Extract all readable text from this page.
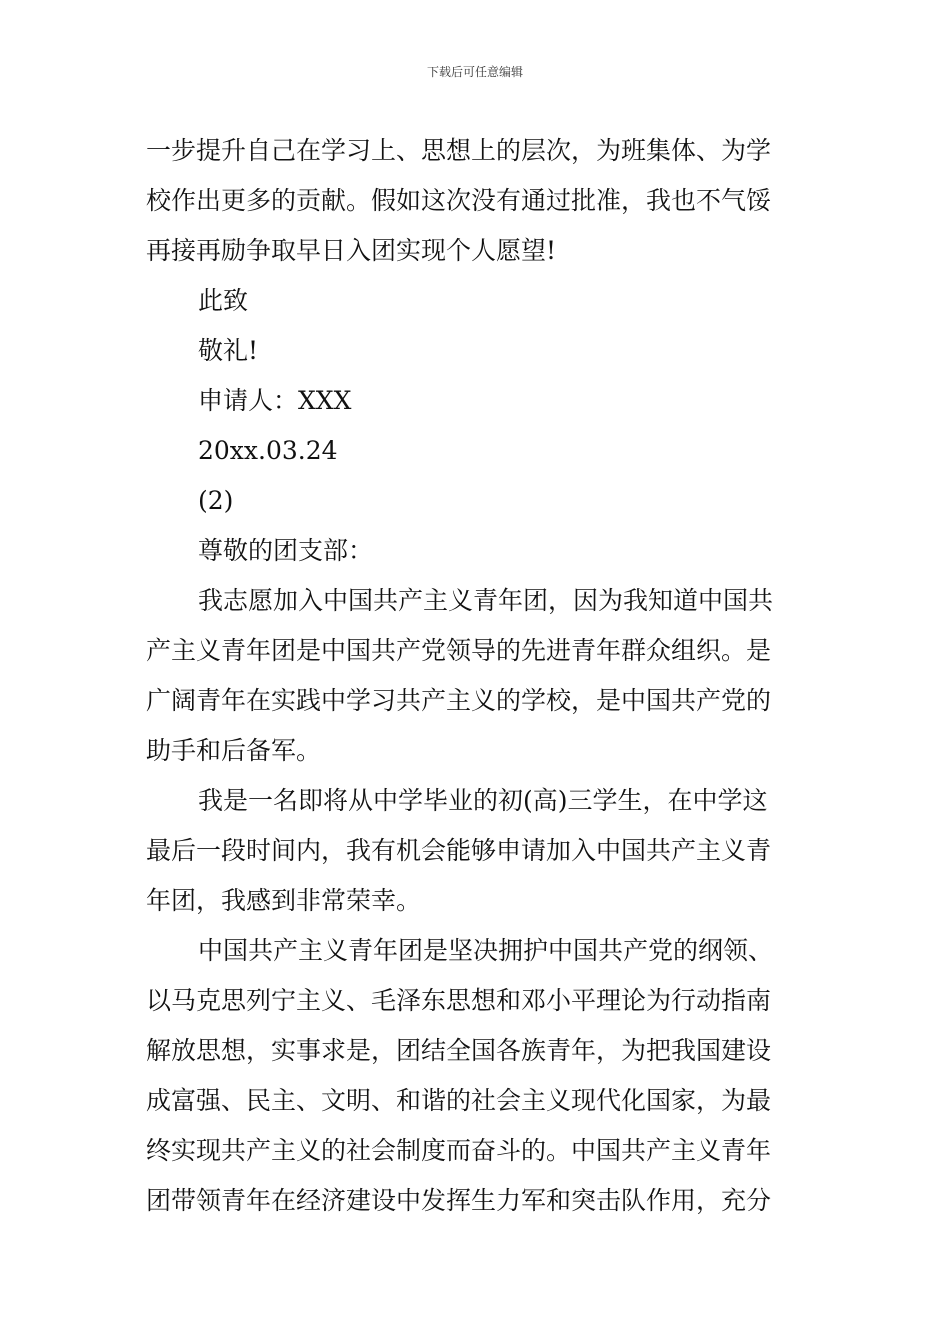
下载后可任意编辑
一步提升自己在学习上、思想上的层次，为班集体、为学
校作出更多的贡献。假如这次没有通过批准，我也不气馁
再接再励争取早日入团实现个人愿望!
此致
敬礼!
申请人：XXX
20xx.03.24
(2)
尊敬的团支部：
我志愿加入中国共产主义青年团，因为我知道中国共
产主义青年团是中国共产党领导的先进青年群众组织。是
广阔青年在实践中学习共产主义的学校，是中国共产党的
助手和后备军。
我是一名即将从中学毕业的初(高)三学生，在中学这
最后一段时间内，我有机会能够申请加入中国共产主义青
年团，我感到非常荣幸。
中国共产主义青年团是坚决拥护中国共产党的纲领、
以马克思列宁主义、毛泽东思想和邓小平理论为行动指南
解放思想，实事求是，团结全国各族青年，为把我国建设
成富强、民主、文明、和谐的社会主义现代化国家，为最
终实现共产主义的社会制度而奋斗的。中国共产主义青年
团带领青年在经济建设中发挥生力军和突击队作用，充分
